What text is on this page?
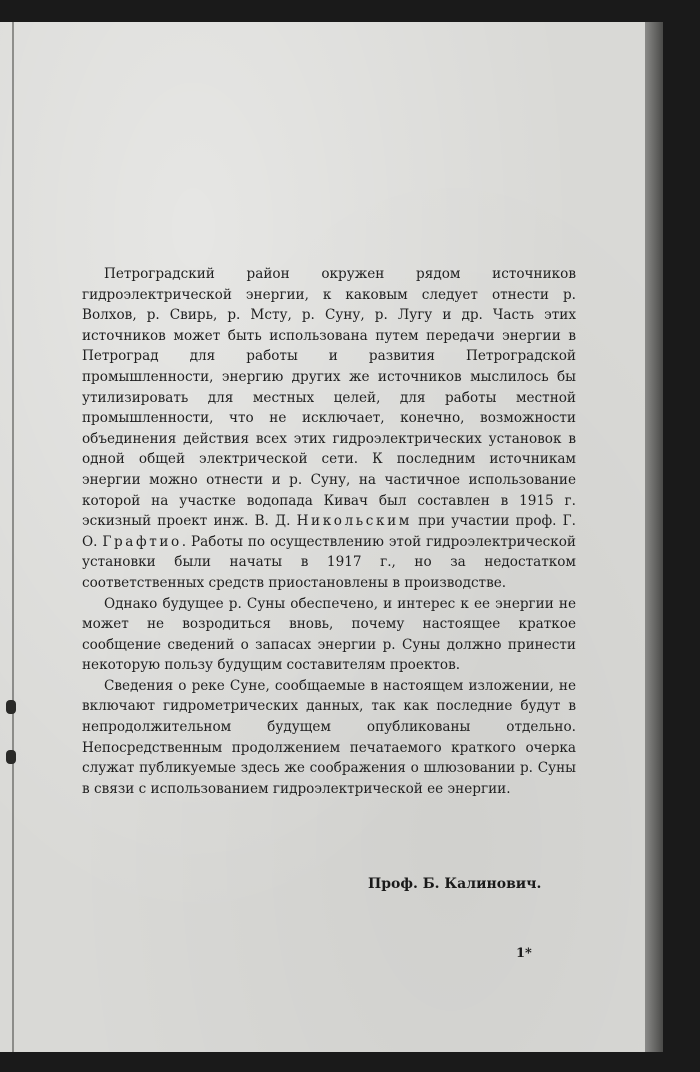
Петроградский район окружен рядом источников гидроэлектрической энергии, к каковым следует отнести р. Волхов, р. Свирь, р. Мсту, р. Суну, р. Лугу и др. Часть этих источников может быть использована путем передачи энергии в Петроград для работы и развития Петроградской промышленности, энергию других же источников мыслилось бы утилизировать для местных целей, для работы местной промышленности, что не исключает, конечно, возможности объединения действия всех этих гидроэлектрических установок в одной общей электрической сети. К последним источникам энергии можно отнести и р. Суну, на частичное использование которой на участке водопада Кивач был составлен в 1915 г. эскизный проект инж. В. Д. Никольским при участии проф. Г. О. Графтио. Работы по осуществлению этой гидроэлектрической установки были начаты в 1917 г., но за недостатком соответственных средств приостановлены в производстве.

Однако будущее р. Суны обеспечено, и интерес к ее энергии не может не возродиться вновь, почему настоящее краткое сообщение сведений о запасах энергии р. Суны должно принести некоторую пользу будущим составителям проектов.

Сведения о реке Суне, сообщаемые в настоящем изложении, не включают гидрометрических данных, так как последние будут в непродолжительном будущем опубликованы отдельно. Непосредственным продолжением печатаемого краткого очерка служат публикуемые здесь же соображения о шлюзовании р. Суны в связи с использованием гидроэлектрической ее энергии.

Проф. Б. Калинович.
1*
